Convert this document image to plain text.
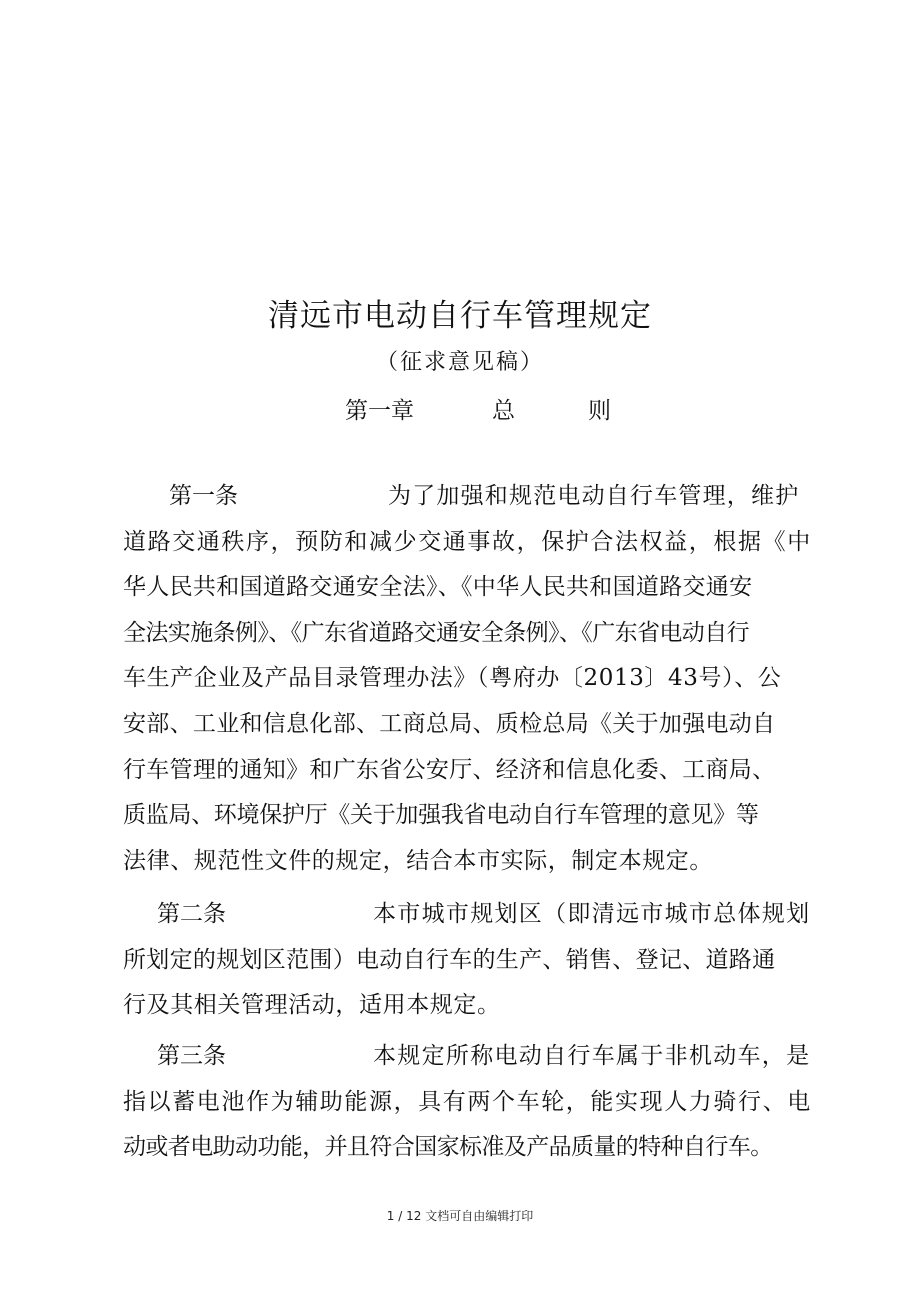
清远市电动自行车管理规定
（征求意见稿）
第一章	总	则
第一条	为了加强和规范电动自行车管理，维护
道路交通秩序，预防和减少交通事故，保护合法权益，根据《中
华人民共和国道路交通安全法》、《中华人民共和国道路交通安
全法实施条例》、《广东省道路交通安全条例》、《广东省电动自行
车生产企业及产品目录管理办法》（粤府办〔2013〕43号）、公
安部、工业和信息化部、工商总局、质检总局《关于加强电动自
行车管理的通知》和广东省公安厅、经济和信息化委、工商局、
质监局、环境保护厅《关于加强我省电动自行车管理的意见》等
法律、规范性文件的规定，结合本市实际，制定本规定。
第二条	本市城市规划区（即清远市城市总体规划
所划定的规划区范围）电动自行车的生产、销售、登记、道路通
行及其相关管理活动，适用本规定。
第三条	本规定所称电动自行车属于非机动车，是
指以蓄电池作为辅助能源，具有两个车轮，能实现人力骑行、电
动或者电助动功能，并且符合国家标准及产品质量的特种自行车。
1 / 12 文档可自由编辑打印
